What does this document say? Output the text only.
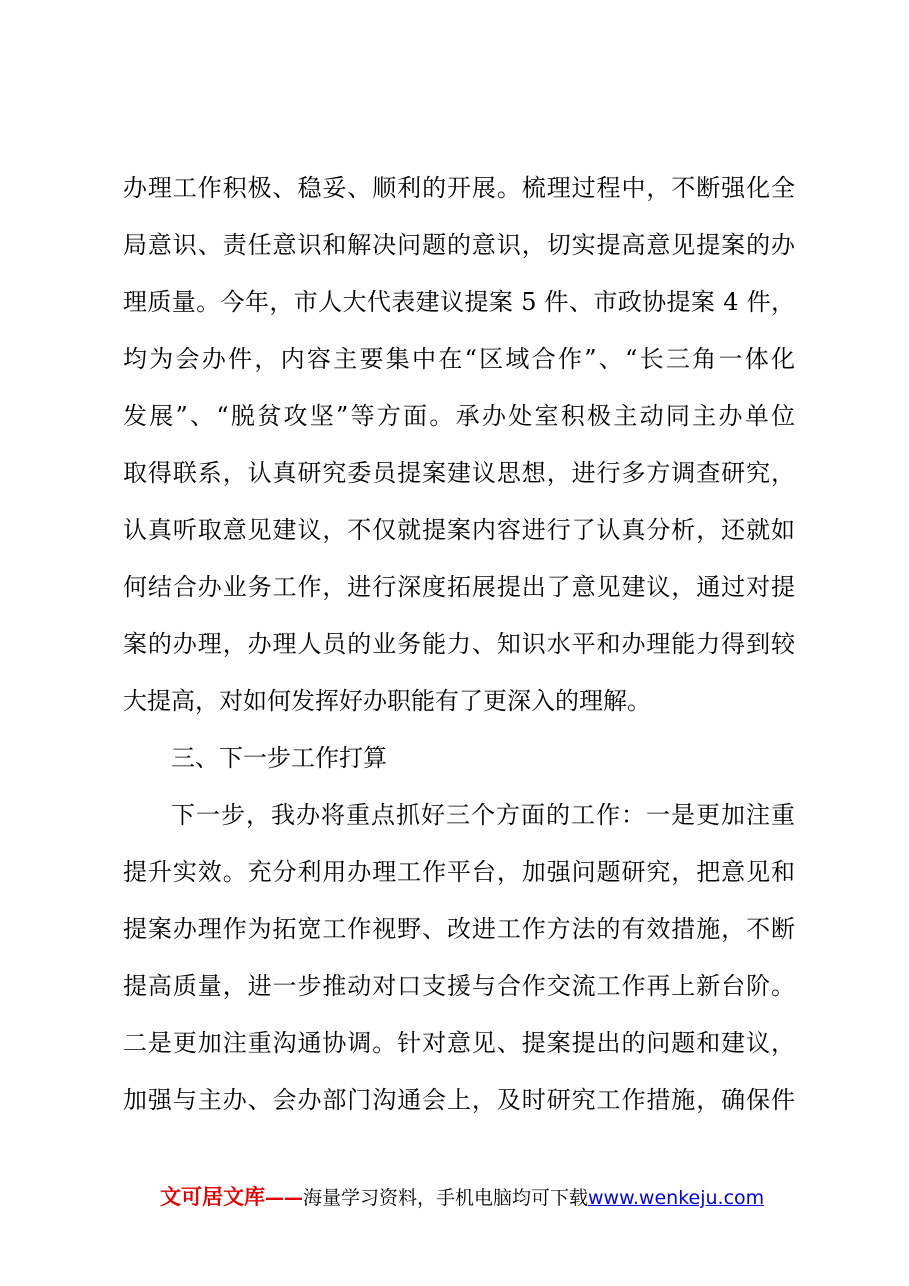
办理工作积极、稳妥、顺利的开展。梳理过程中，不断强化全
局意识、责任意识和解决问题的意识，切实提高意见提案的办
理质量。今年，市人大代表建议提案 5 件、市政协提案 4 件，
均为会办件，内容主要集中在“区域合作”、“长三角一体化
发展”、“脱贫攻坚”等方面。承办处室积极主动同主办单位
取得联系，认真研究委员提案建议思想，进行多方调查研究，
认真听取意见建议，不仅就提案内容进行了认真分析，还就如
何结合办业务工作，进行深度拓展提出了意见建议，通过对提
案的办理，办理人员的业务能力、知识水平和办理能力得到较
大提高，对如何发挥好办职能有了更深入的理解。
三、下一步工作打算
下一步，我办将重点抓好三个方面的工作：一是更加注重
提升实效。充分利用办理工作平台，加强问题研究，把意见和
提案办理作为拓宽工作视野、改进工作方法的有效措施，不断
提高质量，进一步推动对口支援与合作交流工作再上新台阶。
二是更加注重沟通协调。针对意见、提案提出的问题和建议，
加强与主办、会办部门沟通会上，及时研究工作措施，确保件
文可居文库——海量学习资料，手机电脑均可下载www.wenkeju.com
